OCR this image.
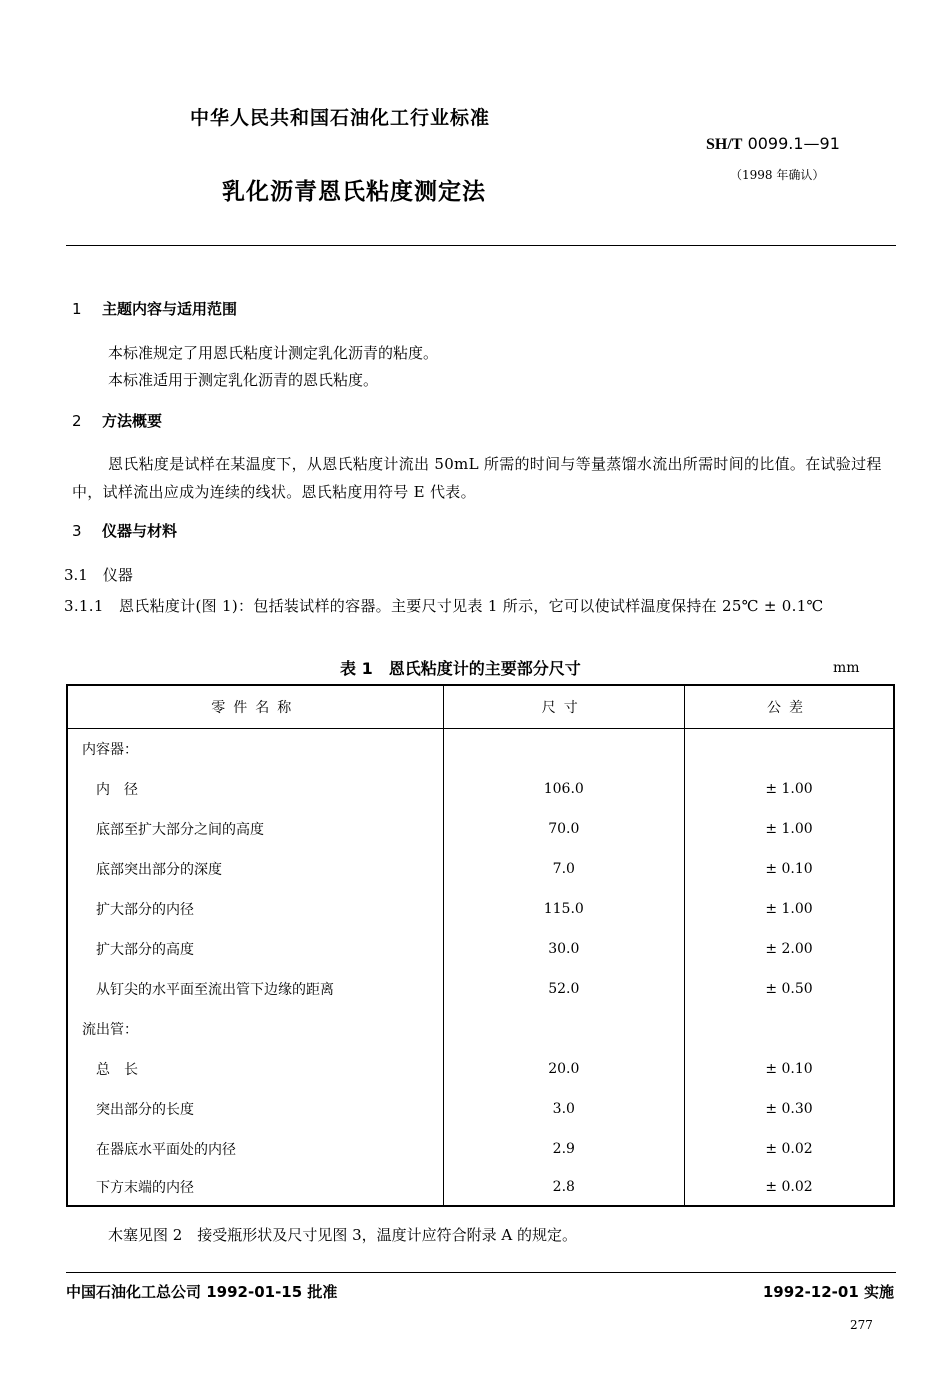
中华人民共和国石油化工行业标准
SH/T 0099.1—91
（1998 年确认）
乳化沥青恩氏粘度测定法
1 主题内容与适用范围
本标准规定了用恩氏粘度计测定乳化沥青的粘度。
本标准适用于测定乳化沥青的恩氏粘度。
2 方法概要
恩氏粘度是试样在某温度下，从恩氏粘度计流出 50mL 所需的时间与等量蒸馏水流出所需时间的比值。在试验过程中，试样流出应成为连续的线状。恩氏粘度用符号 E 代表。
3 仪器与材料
3.1　仪器
3.1.1　恩氏粘度计(图 1)：包括装试样的容器。主要尺寸见表 1 所示，它可以使试样温度保持在 25℃ ± 0.1℃
表 1　恩氏粘度计的主要部分尺寸	mm
零件名称	尺寸	公差
内容器：		
内　径	106.0	± 1.00
底部至扩大部分之间的高度	70.0	± 1.00
底部突出部分的深度	7.0	± 0.10
扩大部分的内径	115.0	± 1.00
扩大部分的高度	30.0	± 2.00
从钉尖的水平面至流出管下边缘的距离	52.0	± 0.50
流出管：		
总　长	20.0	± 0.10
突出部分的长度	3.0	± 0.30
在器底水平面处的内径	2.9	± 0.02
下方末端的内径	2.8	± 0.02
木塞见图 2　接受瓶形状及尺寸见图 3，温度计应符合附录 A 的规定。
中国石油化工总公司 1992-01-15 批准	1992-12-01 实施
277
